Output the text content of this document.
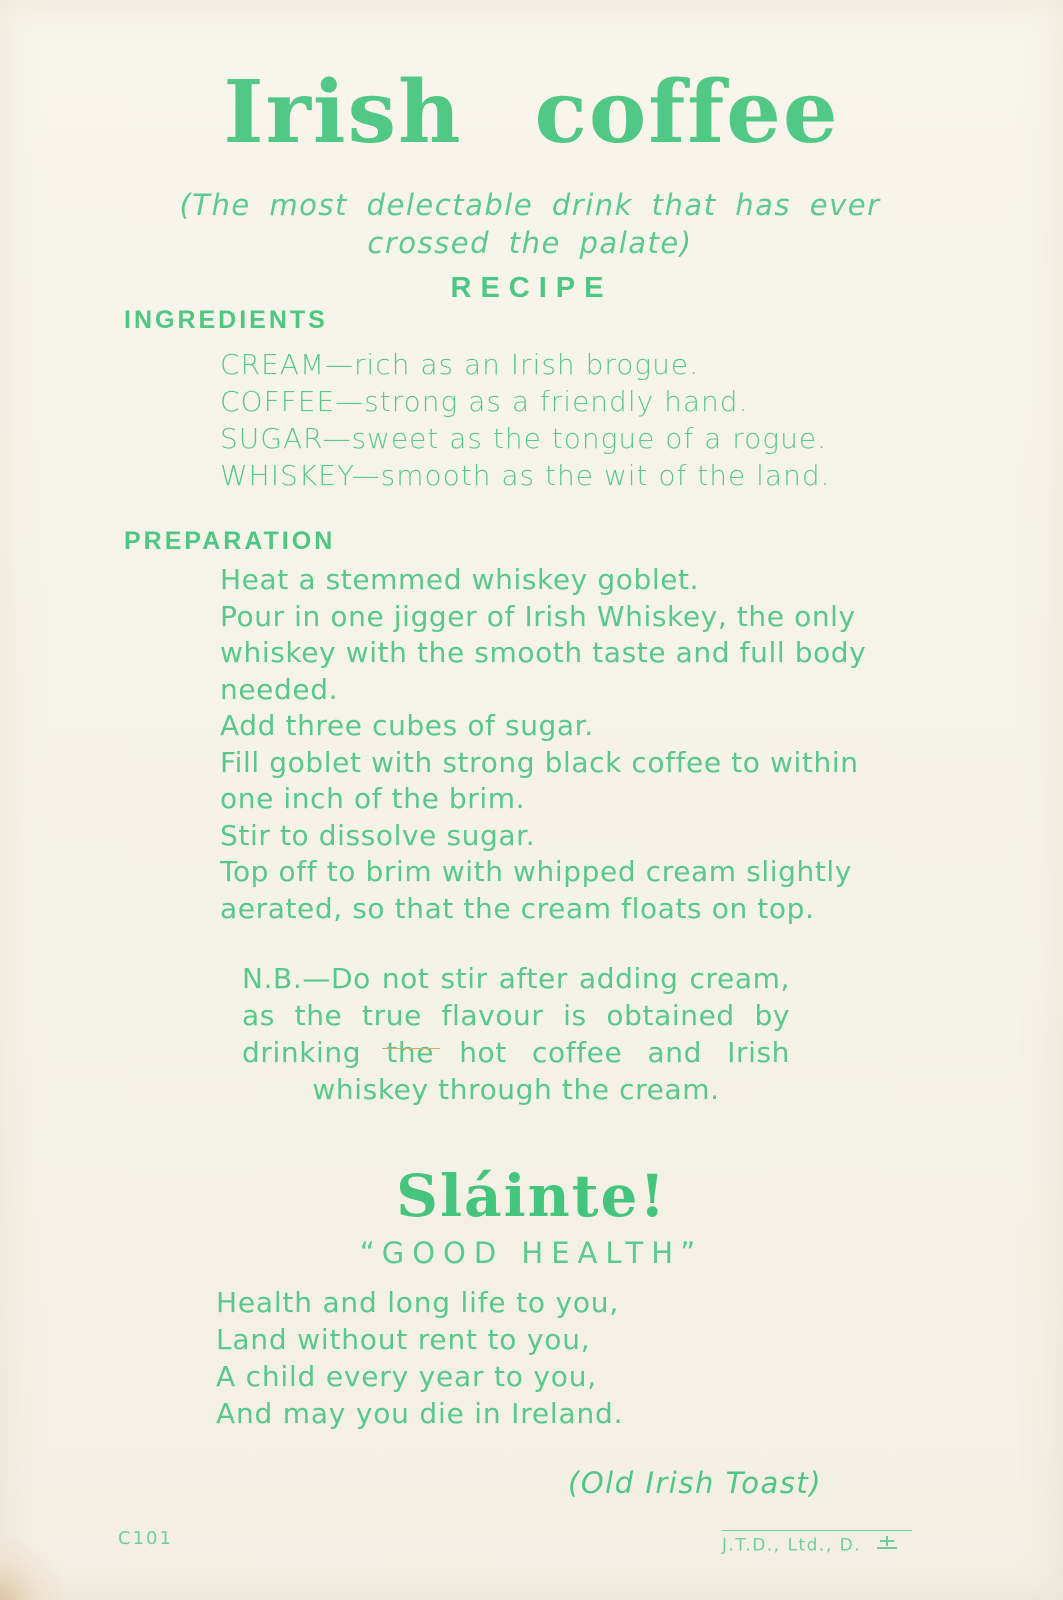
Irish coffee
(The most delectable drink that has ever crossed the palate)
RECIPE
INGREDIENTS
CREAM—rich as an Irish brogue.
COFFEE—strong as a friendly hand.
SUGAR—sweet as the tongue of a rogue.
WHISKEY—smooth as the wit of the land.
PREPARATION
Heat a stemmed whiskey goblet.
Pour in one jigger of Irish Whiskey, the only whiskey with the smooth taste and full body needed.
Add three cubes of sugar.
Fill goblet with strong black coffee to within one inch of the brim.
Stir to dissolve sugar.
Top off to brim with whipped cream slightly aerated, so that the cream floats on top.
N.B.—Do not stir after adding cream, as the true flavour is obtained by drinking the hot coffee and Irish whiskey through the cream.
Sláinte!
“GOOD HEALTH”
Health and long life to you,
Land without rent to you,
A child every year to you,
And may you die in Ireland.
(Old Irish Toast)
C101	J.T.D., Ltd., D.
